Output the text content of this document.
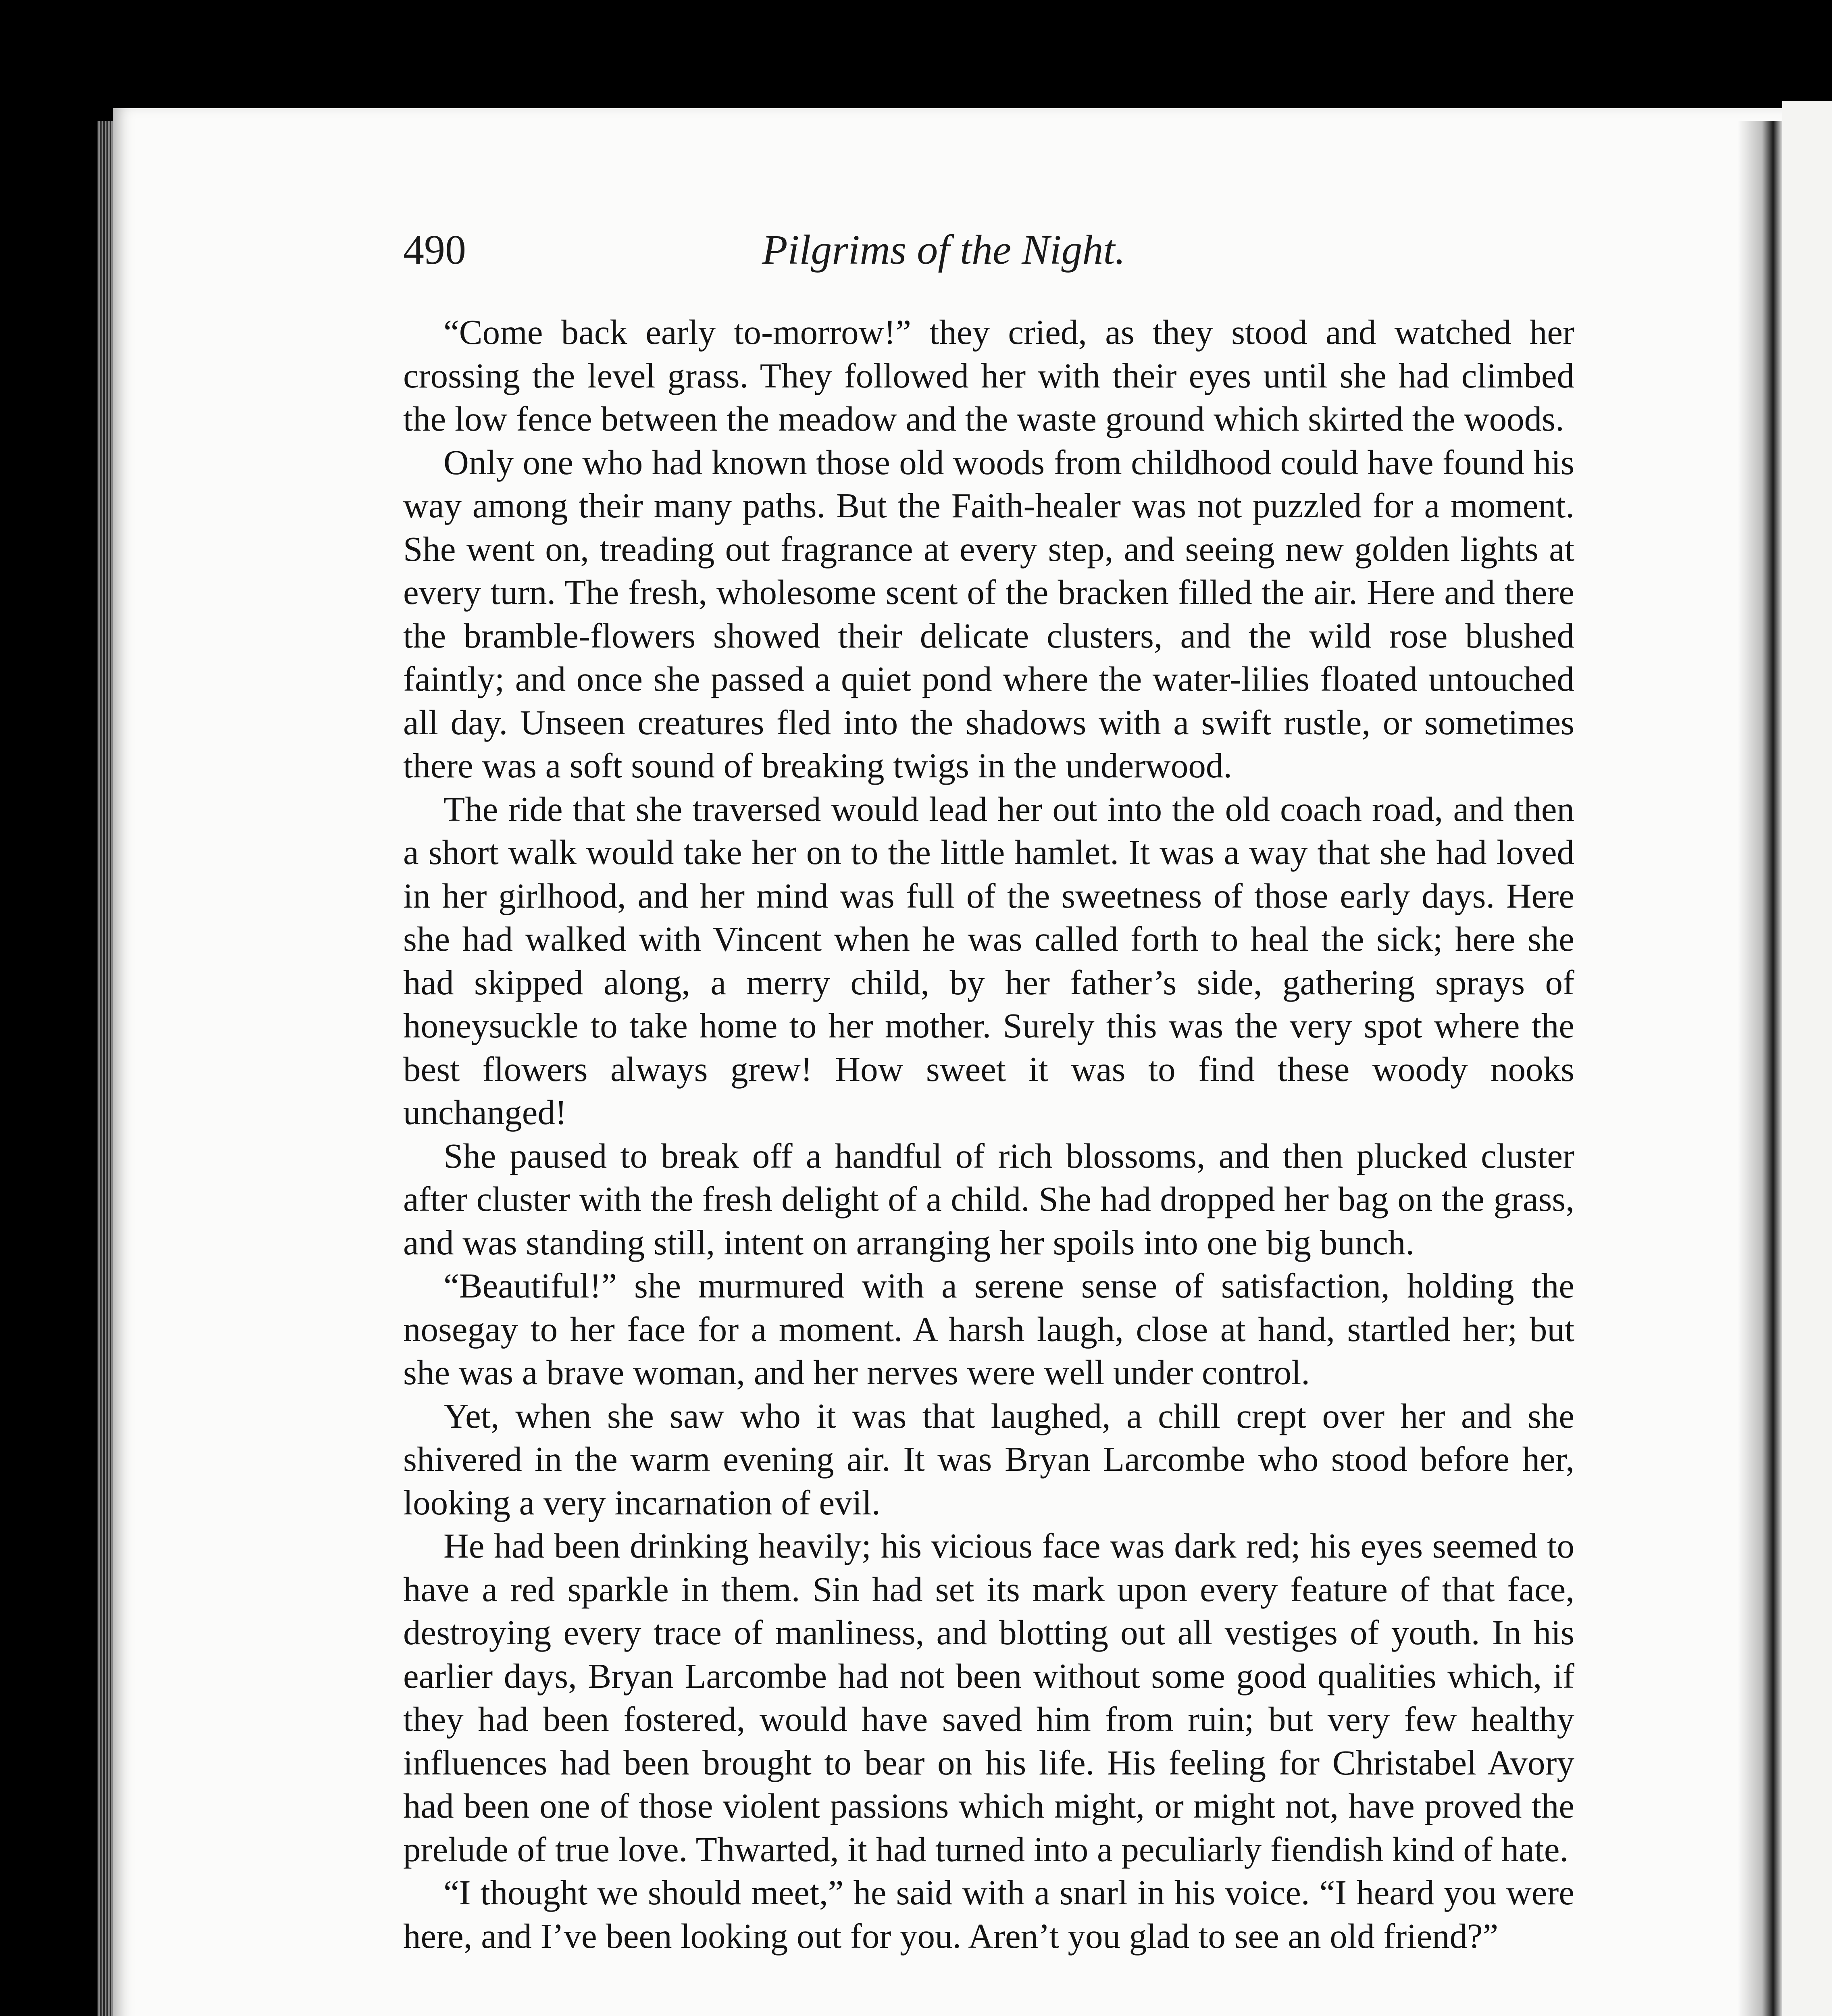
490	Pilgrims of the Night.

“Come back early to-morrow!” they cried, as they stood and watched her crossing the level grass. They followed her with their eyes until she had climbed the low fence between the meadow and the waste ground which skirted the woods.

Only one who had known those old woods from childhood could have found his way among their many paths. But the Faith-healer was not puzzled for a moment. She went on, treading out fragrance at every step, and seeing new golden lights at every turn. The fresh, wholesome scent of the bracken filled the air. Here and there the bramble-flowers showed their delicate clusters, and the wild rose blushed faintly; and once she passed a quiet pond where the water-lilies floated untouched all day. Unseen creatures fled into the shadows with a swift rustle, or sometimes there was a soft sound of breaking twigs in the underwood.

The ride that she traversed would lead her out into the old coach road, and then a short walk would take her on to the little hamlet. It was a way that she had loved in her girlhood, and her mind was full of the sweetness of those early days. Here she had walked with Vincent when he was called forth to heal the sick; here she had skipped along, a merry child, by her father’s side, gathering sprays of honeysuckle to take home to her mother. Surely this was the very spot where the best flowers always grew! How sweet it was to find these woody nooks unchanged!

She paused to break off a handful of rich blossoms, and then plucked cluster after cluster with the fresh delight of a child. She had dropped her bag on the grass, and was standing still, intent on arranging her spoils into one big bunch.

“Beautiful!” she murmured with a serene sense of satisfaction, holding the nosegay to her face for a moment. A harsh laugh, close at hand, startled her; but she was a brave woman, and her nerves were well under control.

Yet, when she saw who it was that laughed, a chill crept over her and she shivered in the warm evening air. It was Bryan Larcombe who stood before her, looking a very incarnation of evil.

He had been drinking heavily; his vicious face was dark red; his eyes seemed to have a red sparkle in them. Sin had set its mark upon every feature of that face, destroying every trace of manliness, and blotting out all vestiges of youth. In his earlier days, Bryan Larcombe had not been without some good qualities which, if they had been fostered, would have saved him from ruin; but very few healthy influences had been brought to bear on his life. His feeling for Christabel Avory had been one of those violent passions which might, or might not, have proved the prelude of true love. Thwarted, it had turned into a peculiarly fiendish kind of hate.

“I thought we should meet,” he said with a snarl in his voice. “I heard you were here, and I’ve been looking out for you. Aren’t you glad to see an old friend?”
